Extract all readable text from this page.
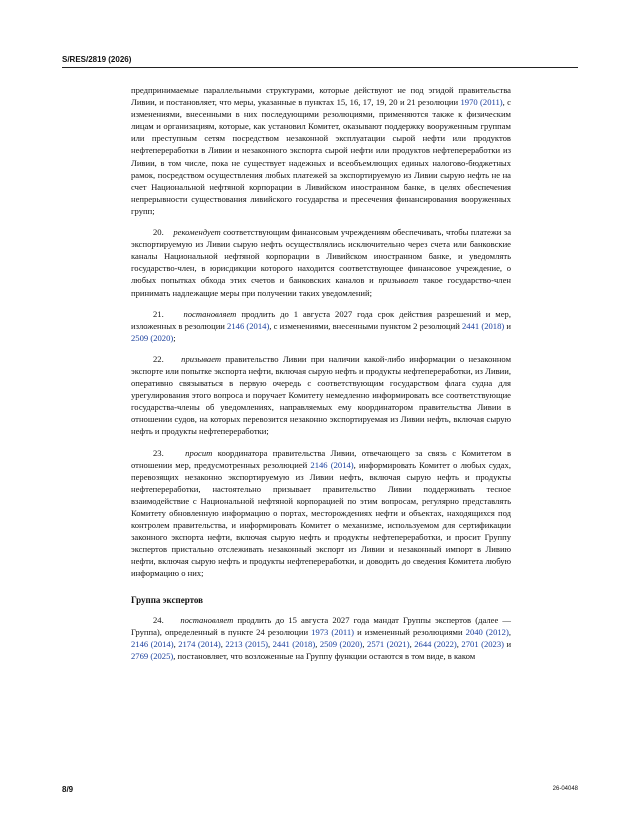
S/RES/2819 (2026)

предпринимаемые параллельными структурами, которые действуют не под эгидой правительства Ливии, и постановляет, что меры, указанные в пунктах 15, 16, 17, 19, 20 и 21 резолюции 1970 (2011), с изменениями, внесенными в них последующими резолюциями, применяются также к физическим лицам и организациям, которые, как установил Комитет, оказывают поддержку вооруженным группам или преступным сетям посредством незаконной эксплуатации сырой нефти или продуктов нефтепереработки в Ливии и незаконного экспорта сырой нефти или продуктов нефтепереработки из Ливии, в том числе, пока не существует надежных и всеобъемлющих единых налогово-бюджетных рамок, посредством осуществления любых платежей за экспортируемую из Ливии сырую нефть не на счет Национальной нефтяной корпорации в Ливийском иностранном банке, в целях обеспечения непрерывности существования ливийского государства и пресечения финансирования вооруженных групп;

20. рекомендует соответствующим финансовым учреждениям обеспечивать, чтобы платежи за экспортируемую из Ливии сырую нефть осуществлялись исключительно через счета или банковские каналы Национальной нефтяной корпорации в Ливийском иностранном банке, и уведомлять государство-член, в юрисдикции которого находится соответствующее финансовое учреждение, о любых попытках обхода этих счетов и банковских каналов и призывает такое государство-член принимать надлежащие меры при получении таких уведомлений;

21. постановляет продлить до 1 августа 2027 года срок действия разрешений и мер, изложенных в резолюции 2146 (2014), с изменениями, внесенными пунктом 2 резолюций 2441 (2018) и 2509 (2020);

22. призывает правительство Ливии при наличии какой-либо информации о незаконном экспорте или попытке экспорта нефти, включая сырую нефть и продукты нефтепереработки, из Ливии, оперативно связываться в первую очередь с соответствующим государством флага судна для урегулирования этого вопроса и поручает Комитету немедленно информировать все соответствующие государства-члены об уведомлениях, направляемых ему координатором правительства Ливии в отношении судов, на которых перевозится незаконно экспортируемая из Ливии нефть, включая сырую нефть и продукты нефтепереработки;

23. просит координатора правительства Ливии, отвечающего за связь с Комитетом в отношении мер, предусмотренных резолюцией 2146 (2014), информировать Комитет о любых судах, перевозящих незаконно экспортируемую из Ливии нефть, включая сырую нефть и продукты нефтепереработки, настоятельно призывает правительство Ливии поддерживать тесное взаимодействие с Национальной нефтяной корпорацией по этим вопросам, регулярно представлять Комитету обновленную информацию о портах, месторождениях нефти и объектах, находящихся под контролем правительства, и информировать Комитет о механизме, используемом для сертификации законного экспорта нефти, включая сырую нефть и продукты нефтепереработки, и просит Группу экспертов пристально отслеживать незаконный экспорт из Ливии и незаконный импорт в Ливию нефти, включая сырую нефть и продукты нефтепереработки, и доводить до сведения Комитета любую информацию о них;

Группа экспертов

24. постановляет продлить до 15 августа 2027 года мандат Группы экспертов (далее — Группа), определенный в пункте 24 резолюции 1973 (2011) и измененный резолюциями 2040 (2012), 2146 (2014), 2174 (2014), 2213 (2015), 2441 (2018), 2509 (2020), 2571 (2021), 2644 (2022), 2701 (2023) и 2769 (2025), постановляет, что возложенные на Группу функции остаются в том виде, в каком

8/9	26-04048
